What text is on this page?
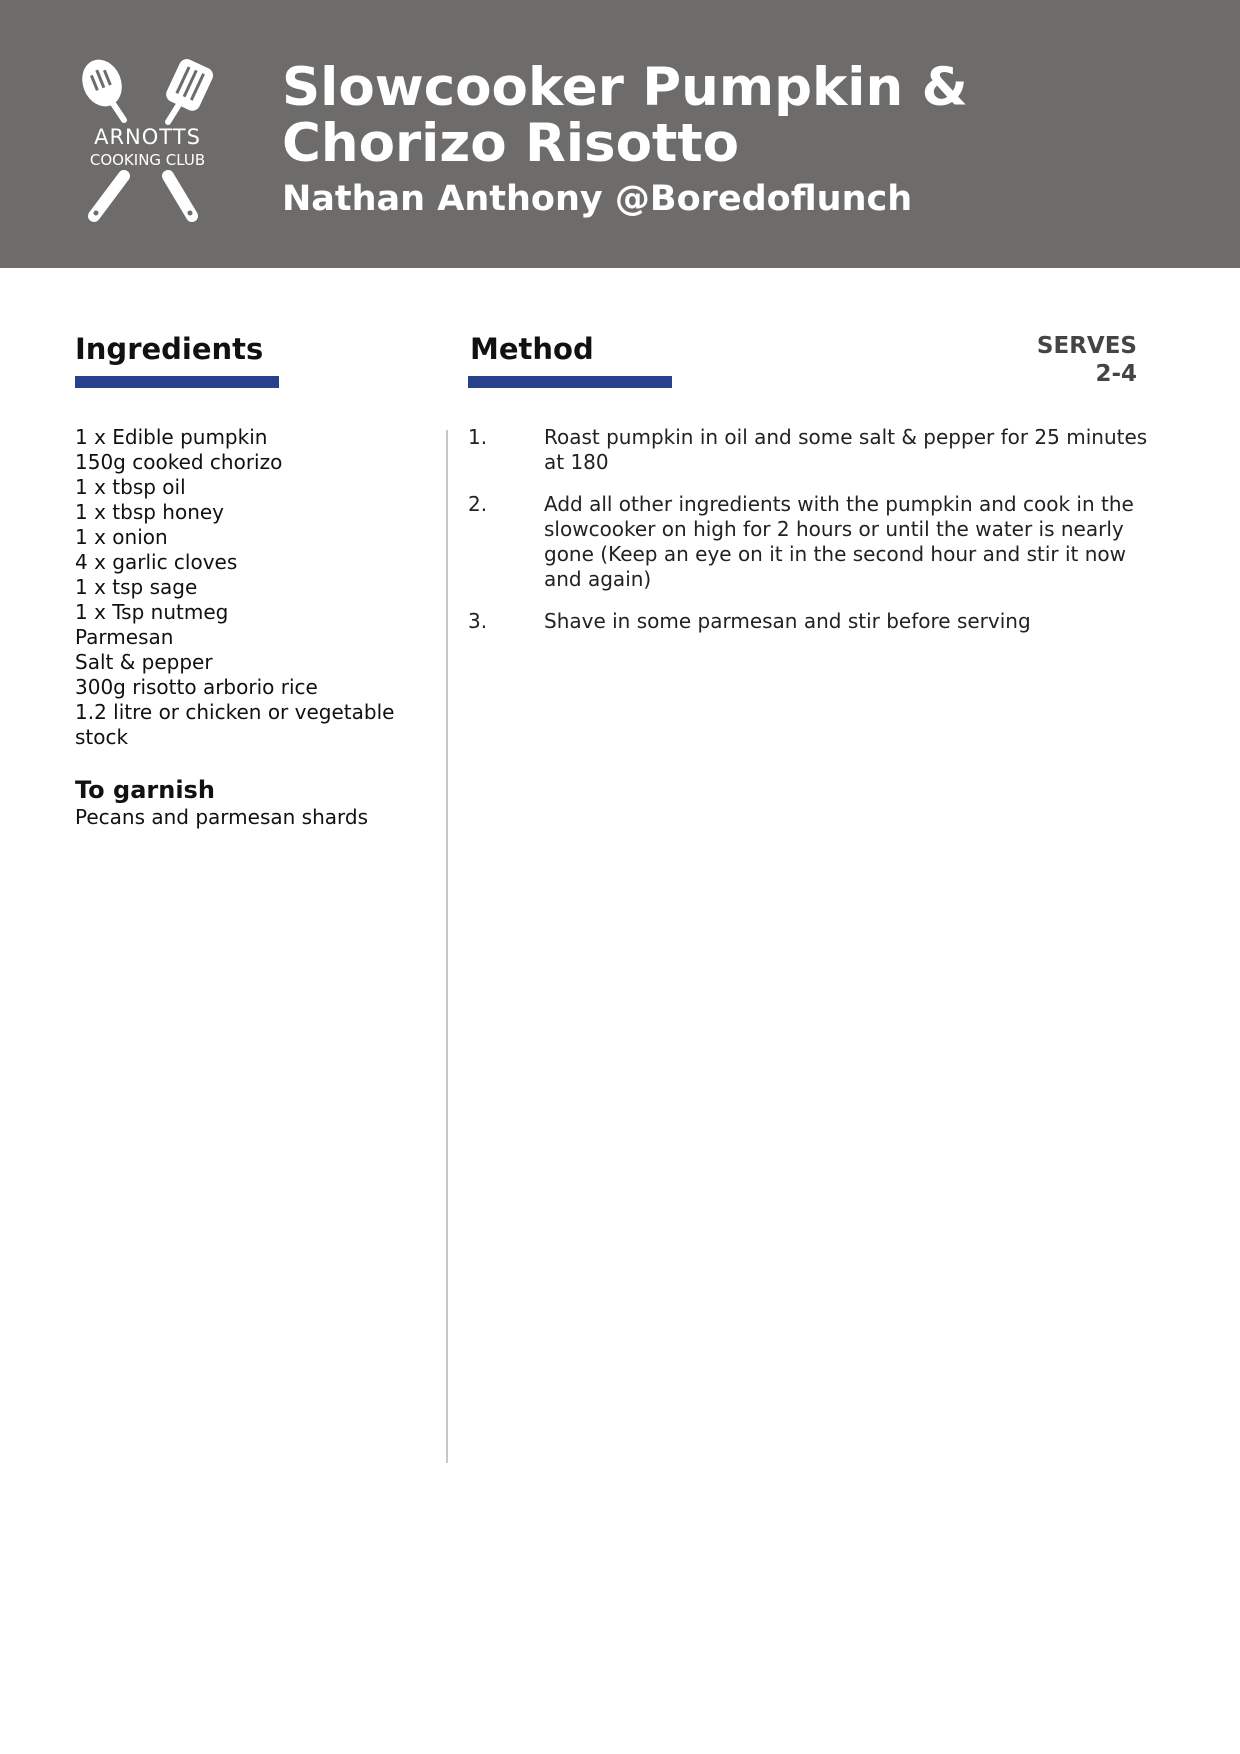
ARNOTTS
COOKING CLUB
Slowcooker Pumpkin &
Chorizo Risotto

Nathan Anthony @Boredoflunch

Ingredients	Method	SERVES
2-4
1 x Edible pumpkin
150g cooked chorizo
1 x tbsp oil
1 x tbsp honey
1 x onion
4 x garlic cloves
1 x tsp sage
1 x Tsp nutmeg
Parmesan
Salt & pepper
300g risotto arborio rice
1.2 litre or chicken or vegetable stock
To garnish

Pecans and parmesan shards

1.	Roast pumpkin in oil and some salt & pepper for 25 minutes at 180
2.	Add all other ingredients with the pumpkin and cook in the slowcooker on high for 2 hours or until the water is nearly gone (Keep an eye on it in the second hour and stir it now and again)
3.	Shave in some parmesan and stir before serving
